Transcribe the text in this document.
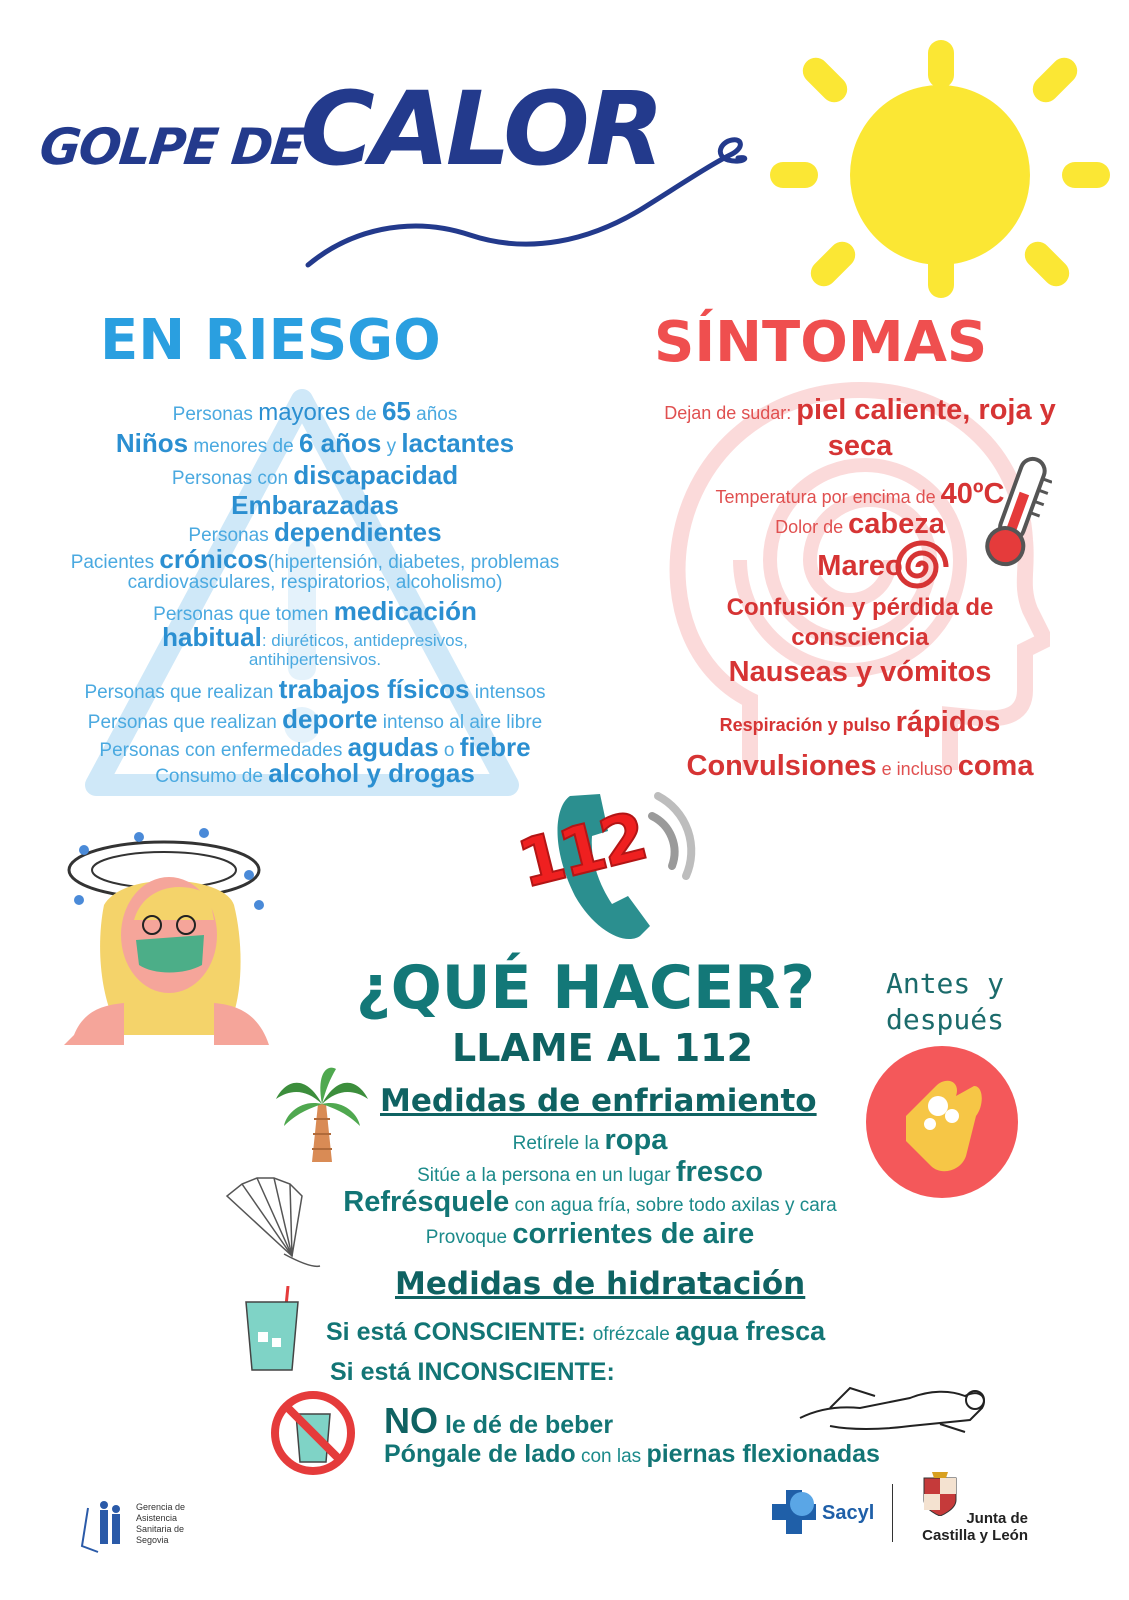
GOLPE DE
CALOR
EN RIESGO
Personas mayores de 65 años
Niños menores de 6 años y lactantes
Personas con discapacidad
Embarazadas
Personas dependientes
Pacientes crónicos(hipertensión, diabetes, problemas
cardiovasculares, respiratorios, alcoholismo)
Personas que tomen medicación
habitual: diuréticos, antidepresivos,
antihipertensivos.
Personas que realizan trabajos físicos intensos
Personas que realizan deporte intenso al aire libre
Personas con enfermedades agudas o fiebre
Consumo de alcohol y drogas
SÍNTOMAS
Dejan de sudar: piel caliente, roja y
seca
Temperatura por encima de 40ºC
Dolor de cabeza
Mareo
Confusión y pérdida de
consciencia
Nauseas y vómitos
Respiración y pulso rápidos
Convulsiones e incluso coma
112
¿QUÉ HACER?
LLAME AL 112
Antes y
después
Medidas de enfriamiento
Retírele la ropa
Sitúe a la persona en un lugar fresco
Refrésquele con agua fría, sobre todo axilas y cara
Provoque corrientes de aire
Medidas de hidratación
Si está CONSCIENTE: ofrézcale agua fresca
Si está INCONSCIENTE:
NO le dé de beber
Póngale de lado con las piernas flexionadas
Gerencia de
Asistencia
Sanitaria de
Segovia
Sacyl	Junta de
Castilla y León
